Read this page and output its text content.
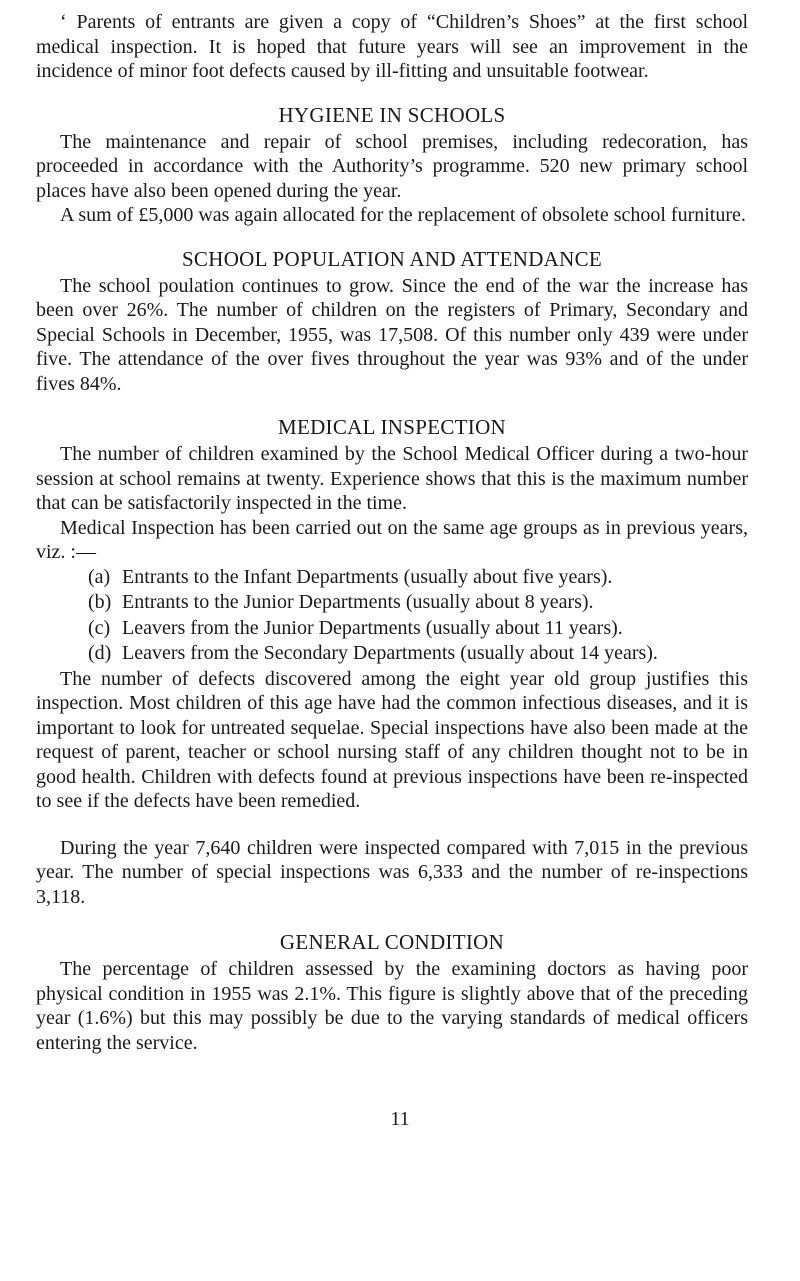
‘ Parents of entrants are given a copy of “Children’s Shoes” at the first school medical inspection. It is hoped that future years will see an improvement in the incidence of minor foot defects caused by ill-fitting and unsuitable footwear.

HYGIENE IN SCHOOLS

The maintenance and repair of school premises, including redecoration, has proceeded in accordance with the Authority’s programme. 520 new primary school places have also been opened during the year.

A sum of £5,000 was again allocated for the replacement of obsolete school furniture.

SCHOOL POPULATION AND ATTENDANCE

The school poulation continues to grow. Since the end of the war the increase has been over 26%. The number of children on the registers of Primary, Secondary and Special Schools in December, 1955, was 17,508. Of this number only 439 were under five. The attendance of the over fives throughout the year was 93% and of the under fives 84%.

MEDICAL INSPECTION

The number of children examined by the School Medical Officer during a two-hour session at school remains at twenty. Experience shows that this is the maximum number that can be satisfactorily inspected in the time.

Medical Inspection has been carried out on the same age groups as in previous years, viz. :—

(a) Entrants to the Infant Departments (usually about five years).
(b) Entrants to the Junior Departments (usually about 8 years).
(c) Leavers from the Junior Departments (usually about 11 years).
(d) Leavers from the Secondary Departments (usually about 14 years).

The number of defects discovered among the eight year old group justifies this inspection. Most children of this age have had the common infectious diseases, and it is important to look for untreated sequelae. Special inspections have also been made at the request of parent, teacher or school nursing staff of any children thought not to be in good health. Children with defects found at previous inspections have been re-inspected to see if the defects have been remedied.

During the year 7,640 children were inspected compared with 7,015 in the previous year. The number of special inspections was 6,333 and the number of re-inspections 3,118.

GENERAL CONDITION

The percentage of children assessed by the examining doctors as having poor physical condition in 1955 was 2.1%. This figure is slightly above that of the preceding year (1.6%) but this may possibly be due to the varying standards of medical officers entering the service.

11
